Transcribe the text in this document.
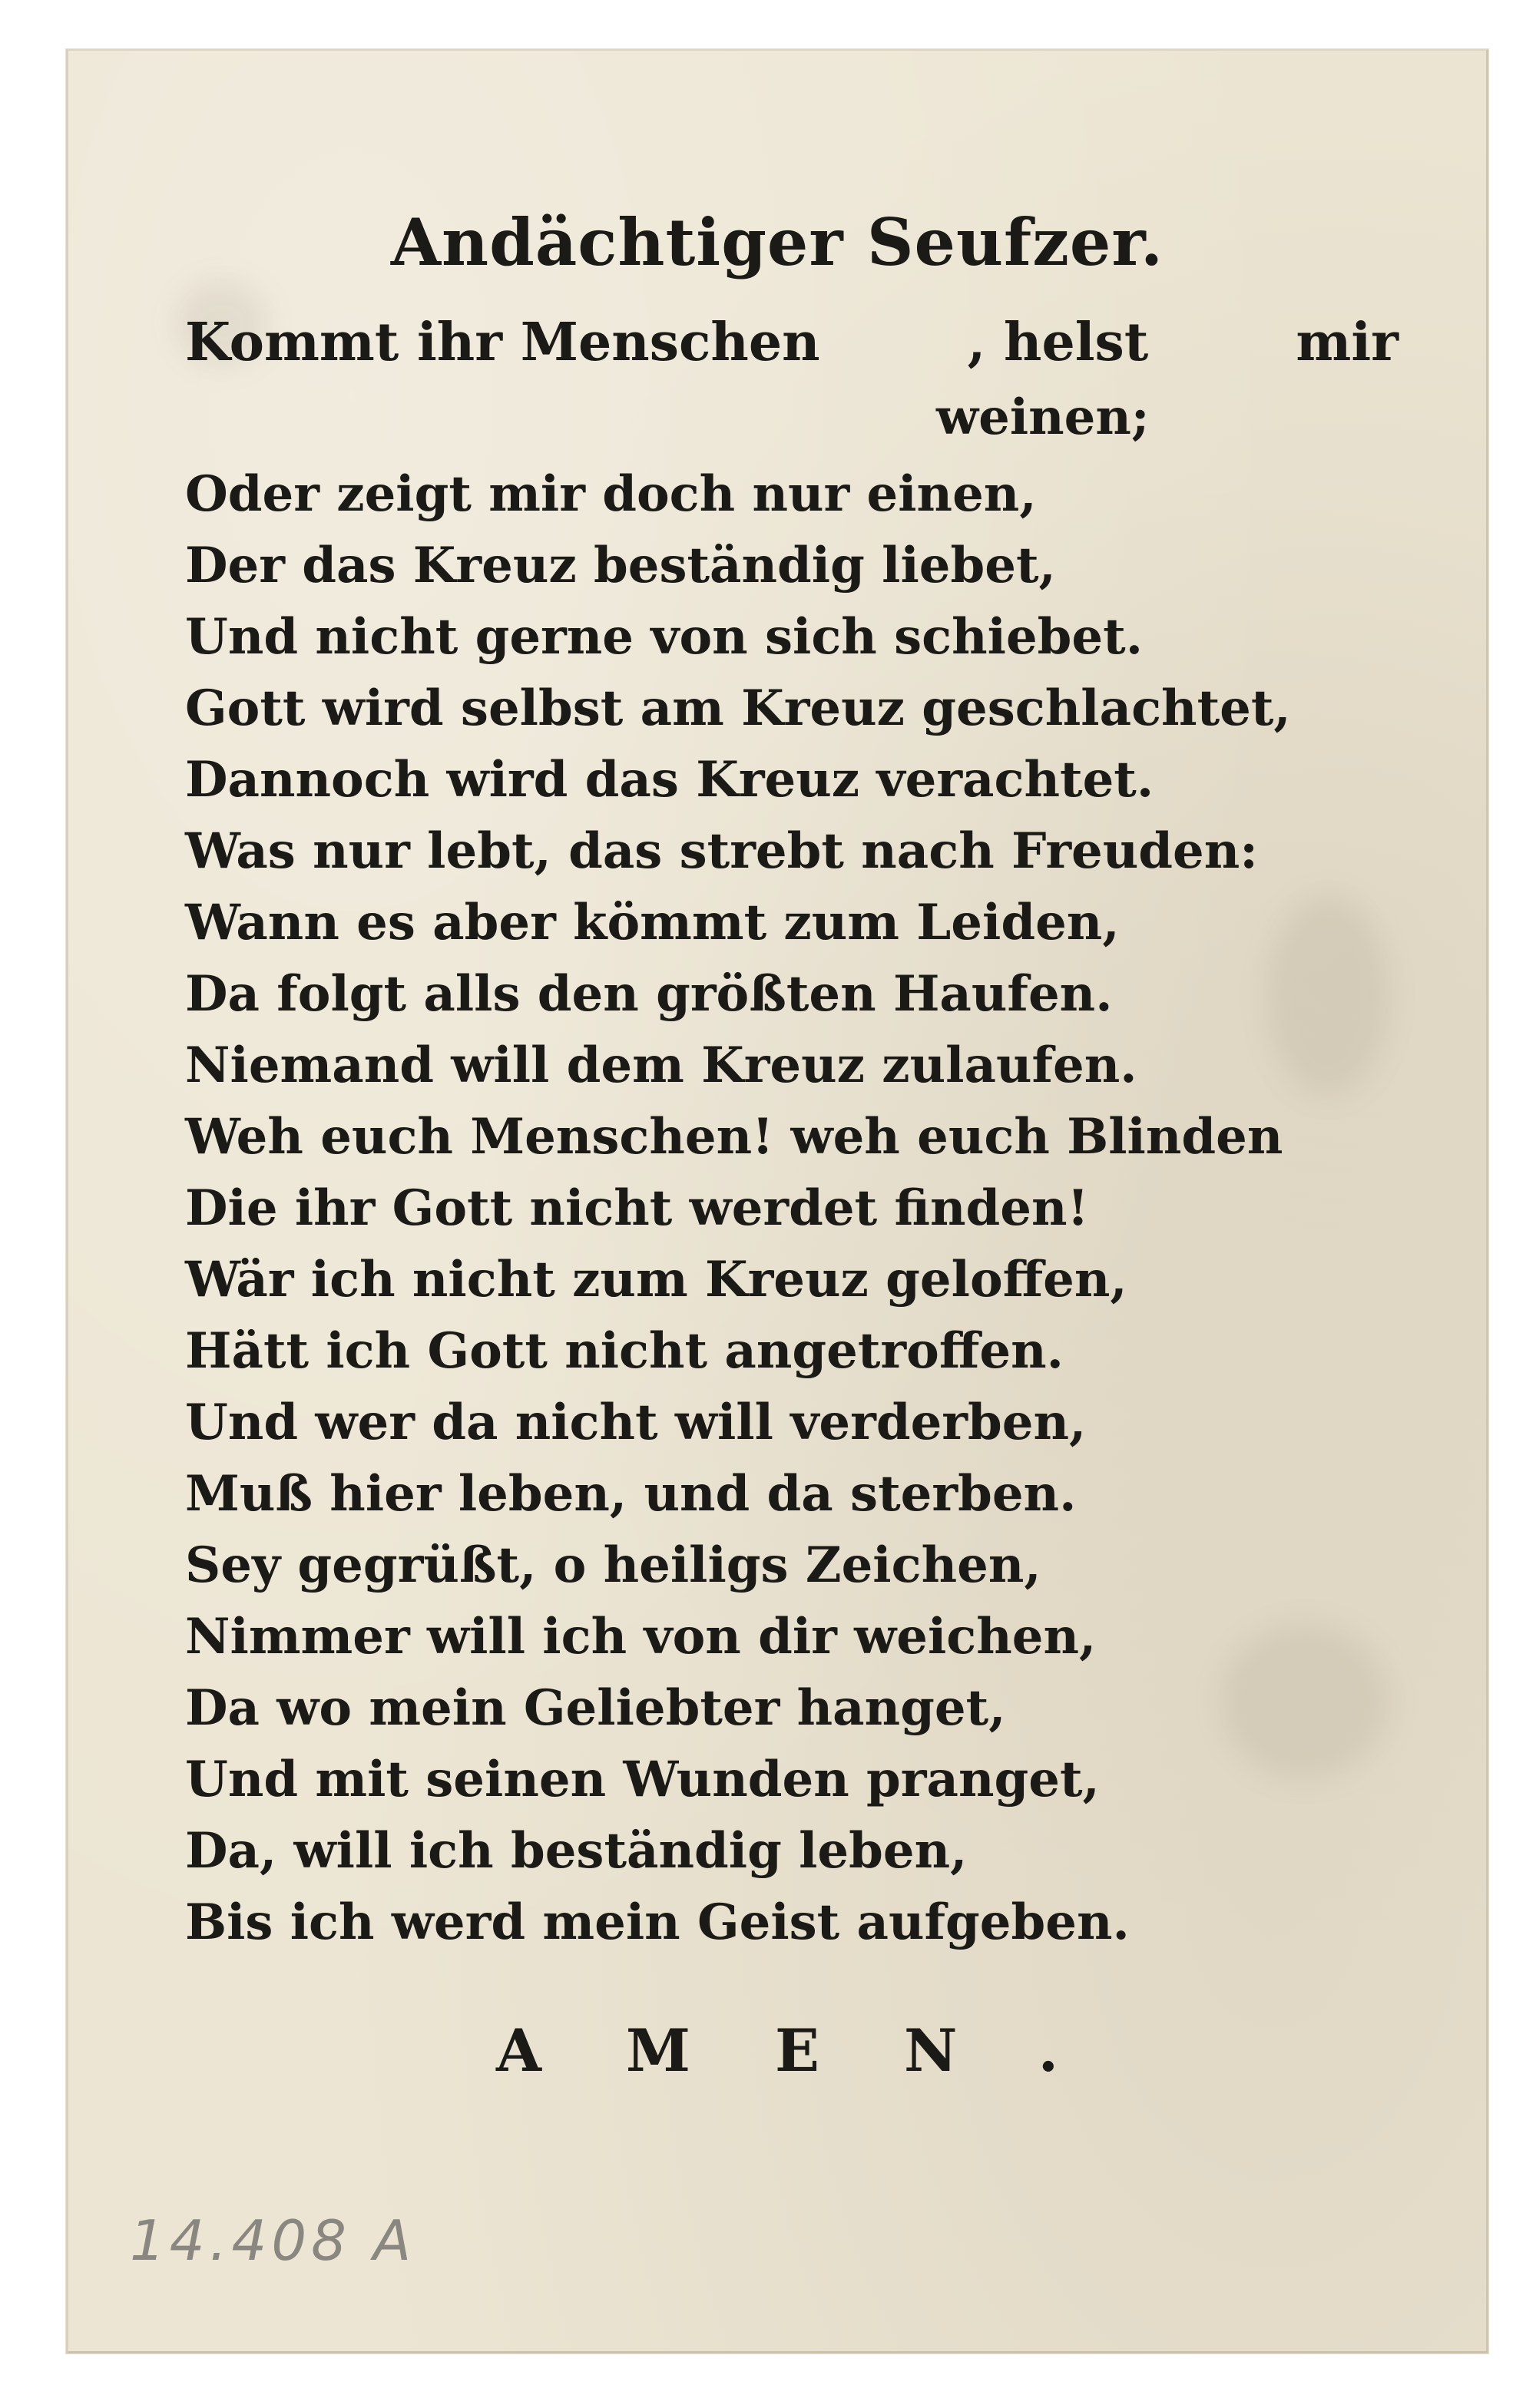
Andächtiger Seufzer.
Kommt ihr Menschen	, helst	mir
weinen;
Oder zeigt mir doch nur einen,
Der das Kreuz beständig liebet,
Und nicht gerne von sich schiebet.
Gott wird selbst am Kreuz geschlachtet,
Dannoch wird das Kreuz verachtet.
Was nur lebt, das strebt nach Freuden:
Wann es aber kömmt zum Leiden,
Da folgt alls den größten Haufen.
Niemand will dem Kreuz zulaufen.
Weh euch Menschen! weh euch Blinden
Die ihr Gott nicht werdet finden!
Wär ich nicht zum Kreuz geloffen,
Hätt ich Gott nicht angetroffen.
Und wer da nicht will verderben,
Muß hier leben, und da sterben.
Sey gegrüßt, o heiligs Zeichen,
Nimmer will ich von dir weichen,
Da wo mein Geliebter hanget,
Und mit seinen Wunden pranget,
Da, will ich beständig leben,
Bis ich werd mein Geist aufgeben.
AMEN.
14.408 A
